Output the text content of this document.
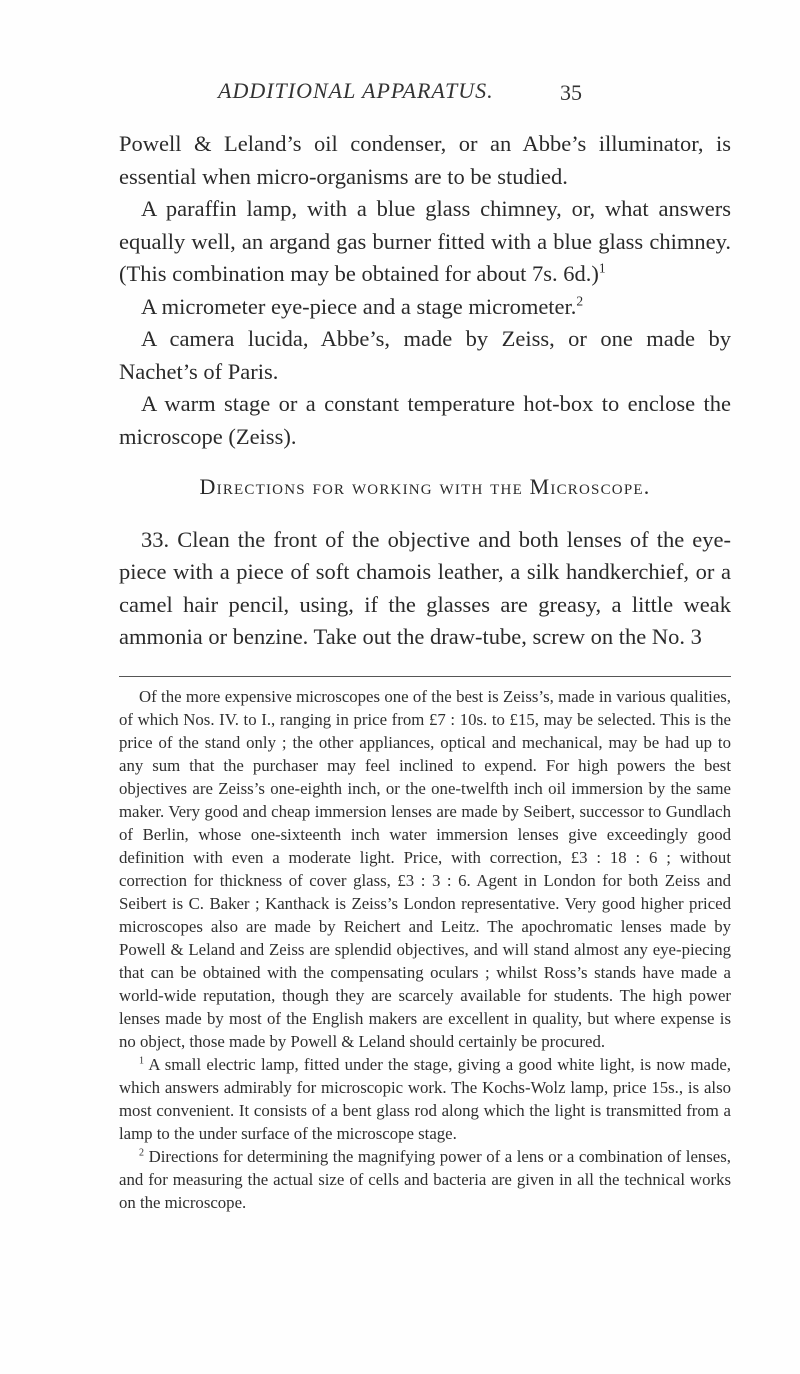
ADDITIONAL APPARATUS.	35

Powell & Leland’s oil condenser, or an Abbe’s illuminator, is essential when micro-organisms are to be studied.

A paraffin lamp, with a blue glass chimney, or, what answers equally well, an argand gas burner fitted with a blue glass chimney. (This combination may be obtained for about 7s. 6d.)$^1$

A micrometer eye-piece and a stage micrometer.$^2$

A camera lucida, Abbe’s, made by Zeiss, or one made by Nachet’s of Paris.

A warm stage or a constant temperature hot-box to enclose the microscope (Zeiss).

Directions for working with the Microscope.

33. Clean the front of the objective and both lenses of the eye-piece with a piece of soft chamois leather, a silk handkerchief, or a camel hair pencil, using, if the glasses are greasy, a little weak ammonia or benzine. Take out the draw-tube, screw on the No. 3

Of the more expensive microscopes one of the best is Zeiss’s, made in various qualities, of which Nos. IV. to I., ranging in price from £7 : 10s. to £15, may be selected. This is the price of the stand only ; the other appliances, optical and mechanical, may be had up to any sum that the purchaser may feel inclined to expend. For high powers the best objectives are Zeiss’s one-eighth inch, or the one-twelfth inch oil immersion by the same maker. Very good and cheap immersion lenses are made by Seibert, successor to Gundlach of Berlin, whose one-sixteenth inch water immersion lenses give exceedingly good definition with even a moderate light. Price, with correction, £3 : 18 : 6 ; without correction for thickness of cover glass, £3 : 3 : 6. Agent in London for both Zeiss and Seibert is C. Baker ; Kanthack is Zeiss’s London representative. Very good higher priced microscopes also are made by Reichert and Leitz. The apochromatic lenses made by Powell & Leland and Zeiss are splendid objectives, and will stand almost any eye-piecing that can be obtained with the compensating oculars ; whilst Ross’s stands have made a world-wide reputation, though they are scarcely available for students. The high power lenses made by most of the English makers are excellent in quality, but where expense is no object, those made by Powell & Leland should certainly be procured.

$^1$ A small electric lamp, fitted under the stage, giving a good white light, is now made, which answers admirably for microscopic work. The Kochs-Wolz lamp, price 15s., is also most convenient. It consists of a bent glass rod along which the light is transmitted from a lamp to the under surface of the microscope stage.

$^2$ Directions for determining the magnifying power of a lens or a combination of lenses, and for measuring the actual size of cells and bacteria are given in all the technical works on the microscope.
